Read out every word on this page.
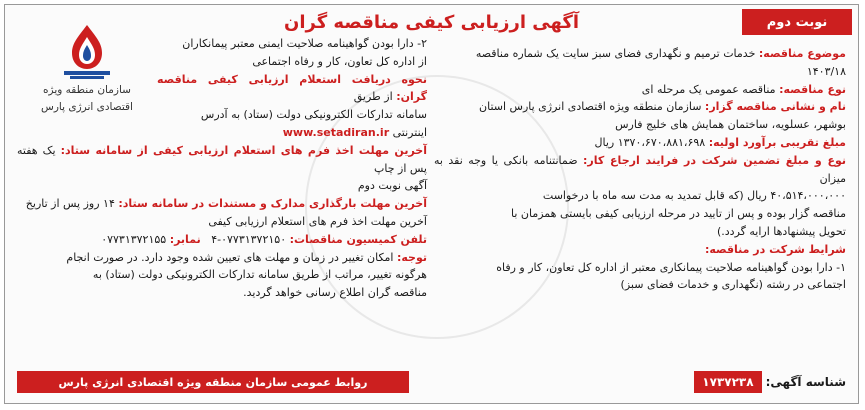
نوبت دوم
آگهی ارزیابی کیفی مناقصه گران
سازمان منطقه ویژه
اقتصادی انرژی پارس
موضوع مناقصه: خدمات ترمیم و نگهداری فضای سبز سایت یک شماره مناقصه
۱۴۰۳/۱۸
نوع مناقصه: مناقصه عمومی یک مرحله ای
نام و نشانی مناقصه گزار: سازمان منطقه ویژه اقتصادی انرژی پارس استان
بوشهر، عسلویه، ساختمان همایش های خلیج فارس
مبلغ تقریبی برآورد اولیه: ۱۳۷۰،۶۷۰،۸۸۱،۶۹۸ ریال
نوع و مبلغ تضمین شرکت در فرایند ارجاع کار: ضمانتنامه بانکی یا وجه نقد به میزان
۴۰،۵۱۴،۰۰۰،۰۰۰ ریال (که قابل تمدید به مدت سه ماه با درخواست
مناقصه گزار بوده و پس از تایید در مرحله ارزیابی کیفی بایستی همزمان با
تحویل پیشنهادها ارایه گردد.)
شرایط شرکت در مناقصه:
۱- دارا بودن گواهینامه صلاحیت پیمانکاری معتبر از اداره کل تعاون، کار و رفاه
اجتماعی در رشته (نگهداری و خدمات فضای سبز)
۲- دارا بودن گواهینامه صلاحیت ایمنی معتبر پیمانکاران
از اداره کل تعاون، کار و رفاه اجتماعی
نحوه دریافت استعلام ارزیابی کیفی مناقصه گران: از طریق
سامانه تدارکات الکترونیکی دولت (ستاد) به آدرس
اینترنتی www.setadiran.ir
آخرین مهلت اخذ فرم های استعلام ارزیابی کیفی از سامانه ستاد: یک هفته پس از چاپ
آگهی نوبت دوم
آخرین مهلت بارگذاری مدارک و مستندات در سامانه ستاد: ۱۴ روز پس از تاریخ
آخرین مهلت اخذ فرم های استعلام ارزیابی کیفی
تلفن کمیسیون مناقصات: ۰۷۷۳۱۳۷۲۱۵۰-۴   نمابر: ۰۷۷۳۱۳۷۲۱۵۵
توجه: امکان تغییر در زمان و مهلت های تعیین شده وجود دارد. در صورت انجام
هرگونه تغییر، مراتب از طریق سامانه تدارکات الکترونیکی دولت (ستاد) به
مناقصه گران اطلاع رسانی خواهد گردید.
شناسه آگهی:
۱۷۳۷۲۳۸
روابط عمومی سازمان منطقه ویژه اقتصادی انرژی پارس
